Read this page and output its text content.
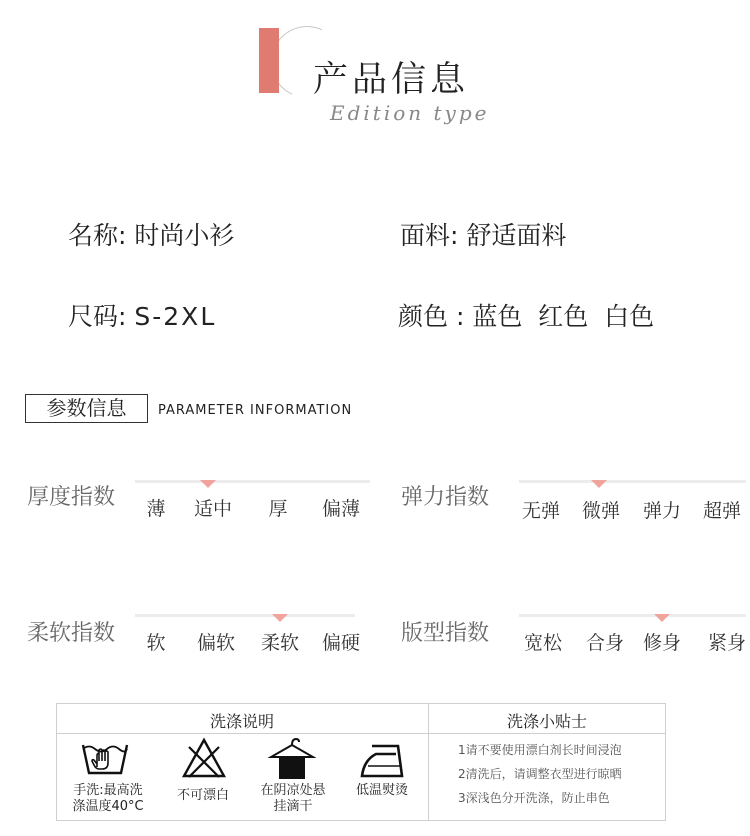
产品信息
Edition type
名称: 时尚小衫	面料: 舒适面料
尺码: S-2XL	颜色 : 蓝色  红色  白色
参数信息	PARAMETER INFORMATION
厚度指数 薄 适中 厚 偏薄 弹力指数
无弹 微弹 弹力 超弹
柔软指数 软 偏软 柔软 偏硬 版型指数 宽松 合身 修身 紧身
洗涤说明	洗涤小贴士
手洗:最高洗
涤温度40°C
不可漂白 在阴凉处悬
挂滴干
低温熨烫
1请不要使用漂白剂长时间浸泡
2清洗后，请调整衣型进行晾晒
3深浅色分开洗涤，防止串色
